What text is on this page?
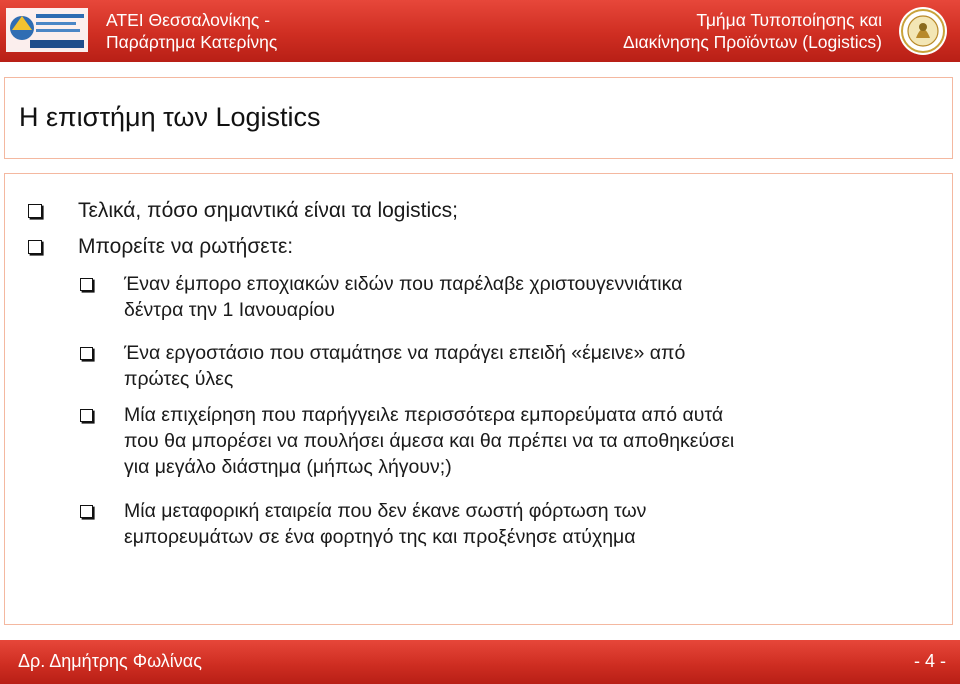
ΑΤΕΙ Θεσσαλονίκης -
Παράρτημα Κατερίνης
Τμήμα Τυποποίησης και
Διακίνησης Προϊόντων (Logistics)
Η επιστήμη των Logistics
Τελικά, πόσο σημαντικά είναι τα logistics;
Μπορείτε να ρωτήσετε:
Έναν έμπορο εποχιακών ειδών που παρέλαβε χριστουγεννιάτικα
δέντρα την 1 Ιανουαρίου
Ένα εργοστάσιο που σταμάτησε να παράγει επειδή «έμεινε» από
πρώτες ύλες
Μία επιχείρηση που παρήγγειλε περισσότερα εμπορεύματα από αυτά
που θα μπορέσει να πουλήσει άμεσα και θα πρέπει να τα αποθηκεύσει
για μεγάλο διάστημα (μήπως λήγουν;)
Μία μεταφορική εταιρεία που δεν έκανε σωστή φόρτωση των
εμπορευμάτων σε ένα φορτηγό της και προξένησε ατύχημα
Δρ. Δημήτρης Φωλίνας	- 4 -
